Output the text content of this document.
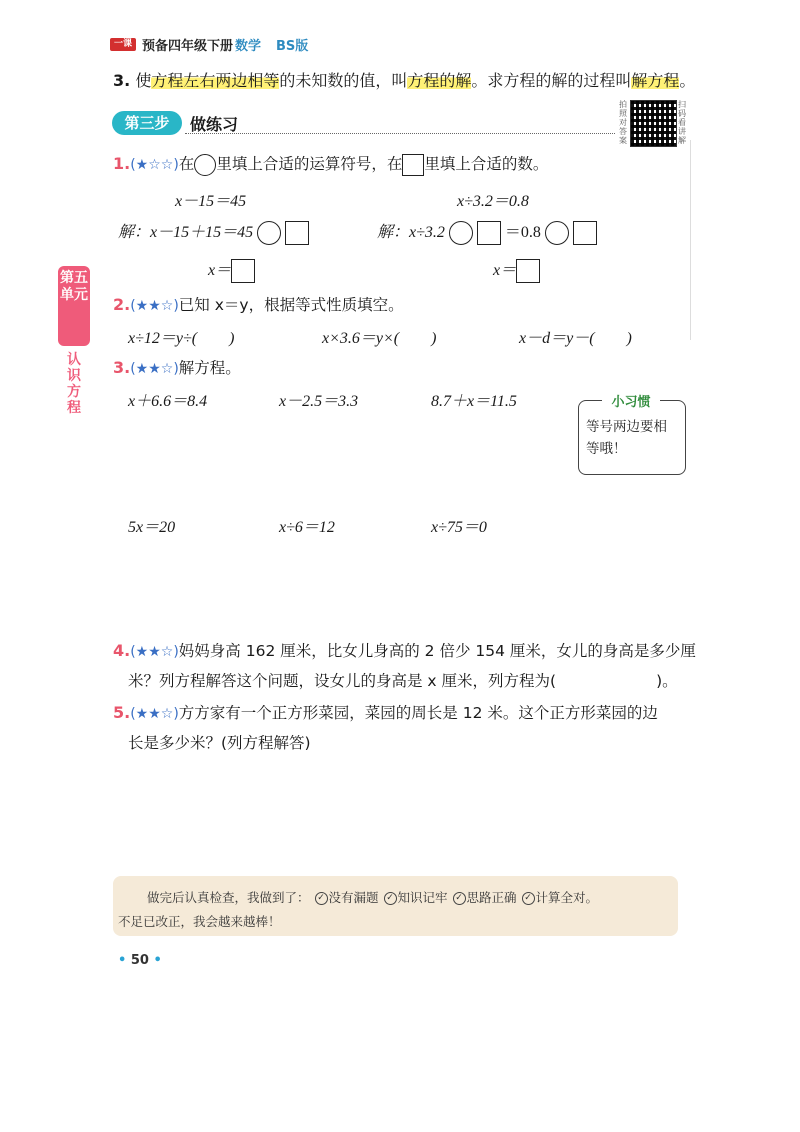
一课 预备四年级下册 数学 BS版
3. 使方程左右两边相等的未知数的值，叫方程的解。求方程的解的过程叫解方程。
第三步	做练习
拍照对答案
扫码看讲解
第五单元
认识方程
1.(★☆☆)在 里填上合适的运算符号，在 里填上合适的数。
x－15＝45	x÷3.2＝0.8
解：x－15＋15＝45	解：x÷3.2	＝0.8
x＝	x＝
2.(★★☆)已知 x＝y，根据等式性质填空。
x÷12＝y÷(　　)	x×3.6＝y×(　　)	x－d＝y－(　　)
3.(★★☆)解方程。
x＋6.6＝8.4	x－2.5＝3.3	8.7＋x＝11.5
5x＝20	x÷6＝12	x÷75＝0
小习惯
等号两边要相等哦！
4.(★★☆)妈妈身高 162 厘米，比女儿身高的 2 倍少 154 厘米，女儿的身高是多少厘
米？列方程解答这个问题，设女儿的身高是 x 厘米，列方程为(	)。
5.(★★☆)方方家有一个正方形菜园，菜园的周长是 12 米。这个正方形菜园的边
长是多少米？(列方程解答)
做完后认真检查，我做到了： ✓ 没有漏题 ✓ 知识记牢 ✓ 思路正确 ✓ 计算全对。
不足已改正，我会越来越棒！
• 50 •
